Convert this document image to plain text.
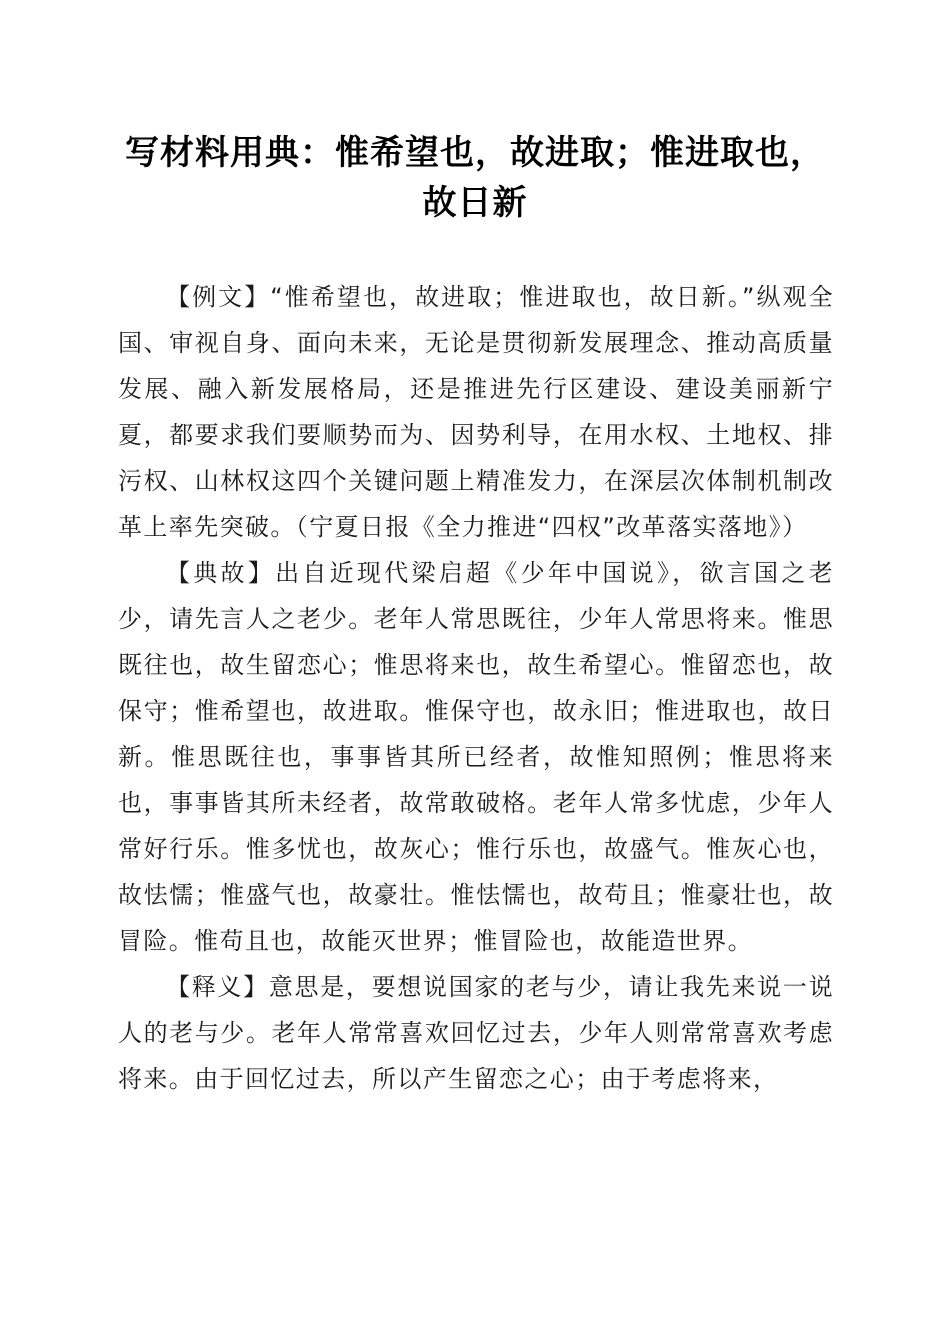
写材料用典：惟希望也，故进取；惟进取也，
故日新

【例文】“惟希望也，故进取；惟进取也，故日新。”纵观全国、审视自身、面向未来，无论是贯彻新发展理念、推动高质量发展、融入新发展格局，还是推进先行区建设、建设美丽新宁夏，都要求我们要顺势而为、因势利导，在用水权、土地权、排污权、山林权这四个关键问题上精准发力，在深层次体制机制改革上率先突破。（宁夏日报《全力推进“四权”改革落实落地》）

【典故】出自近现代梁启超《少年中国说》，欲言国之老少，请先言人之老少。老年人常思既往，少年人常思将来。惟思既往也，故生留恋心；惟思将来也，故生希望心。惟留恋也，故保守；惟希望也，故进取。惟保守也，故永旧；惟进取也，故日新。惟思既往也，事事皆其所已经者，故惟知照例；惟思将来也，事事皆其所未经者，故常敢破格。老年人常多忧虑，少年人常好行乐。惟多忧也，故灰心；惟行乐也，故盛气。惟灰心也，故怯懦；惟盛气也，故豪壮。惟怯懦也，故苟且；惟豪壮也，故冒险。惟苟且也，故能灭世界；惟冒险也，故能造世界。

【释义】意思是，要想说国家的老与少，请让我先来说一说人的老与少。老年人常常喜欢回忆过去，少年人则常常喜欢考虑将来。由于回忆过去，所以产生留恋之心；由于考虑将来，
